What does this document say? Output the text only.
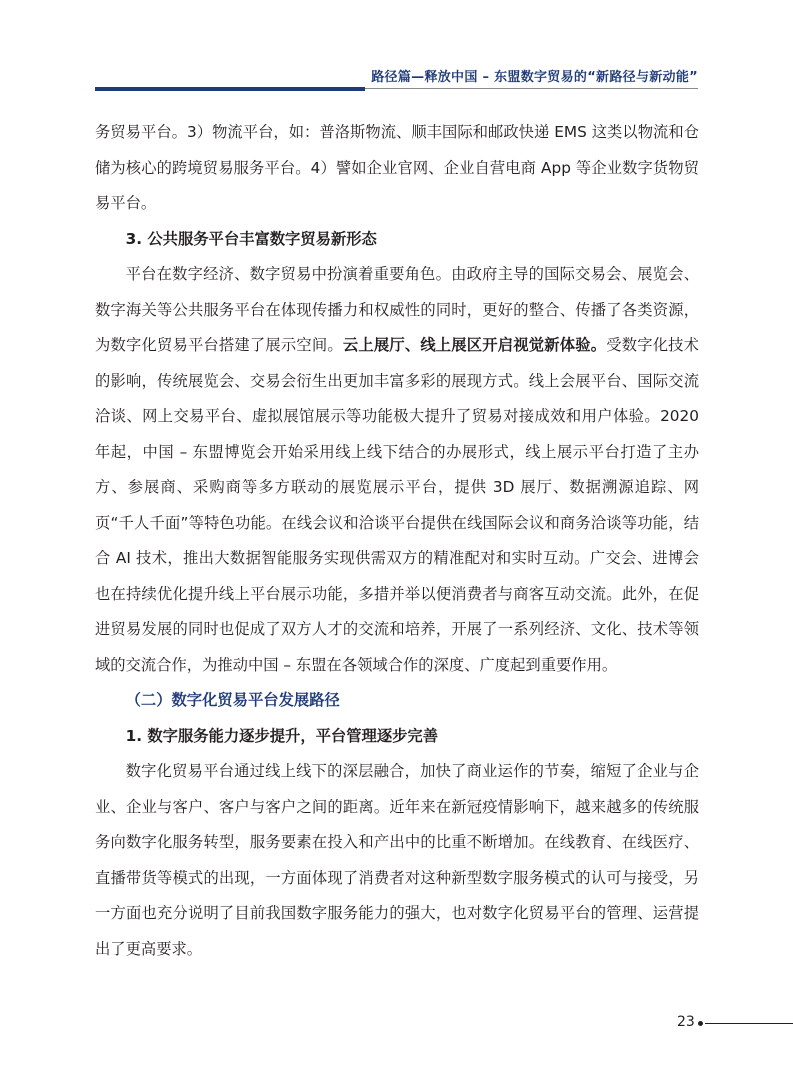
路径篇—释放中国 – 东盟数字贸易的“新路径与新动能”

务贸易平台。3）物流平台，如：普洛斯物流、顺丰国际和邮政快递 EMS 这类以物流和仓储为核心的跨境贸易服务平台。4）譬如企业官网、企业自营电商 App 等企业数字货物贸易平台。

3. 公共服务平台丰富数字贸易新形态

平台在数字经济、数字贸易中扮演着重要角色。由政府主导的国际交易会、展览会、数字海关等公共服务平台在体现传播力和权威性的同时，更好的整合、传播了各类资源，为数字化贸易平台搭建了展示空间。云上展厅、线上展区开启视觉新体验。受数字化技术的影响，传统展览会、交易会衍生出更加丰富多彩的展现方式。线上会展平台、国际交流洽谈、网上交易平台、虚拟展馆展示等功能极大提升了贸易对接成效和用户体验。2020 年起，中国 – 东盟博览会开始采用线上线下结合的办展形式，线上展示平台打造了主办方、参展商、采购商等多方联动的展览展示平台，提供 3D 展厅、数据溯源追踪、网页“千人千面”等特色功能。在线会议和洽谈平台提供在线国际会议和商务洽谈等功能，结合 AI 技术，推出大数据智能服务实现供需双方的精准配对和实时互动。广交会、进博会也在持续优化提升线上平台展示功能，多措并举以便消费者与商客互动交流。此外，在促进贸易发展的同时也促成了双方人才的交流和培养，开展了一系列经济、文化、技术等领域的交流合作，为推动中国 – 东盟在各领域合作的深度、广度起到重要作用。

（二）数字化贸易平台发展路径

1. 数字服务能力逐步提升，平台管理逐步完善

数字化贸易平台通过线上线下的深层融合，加快了商业运作的节奏，缩短了企业与企业、企业与客户、客户与客户之间的距离。近年来在新冠疫情影响下，越来越多的传统服务向数字化服务转型，服务要素在投入和产出中的比重不断增加。在线教育、在线医疗、直播带货等模式的出现，一方面体现了消费者对这种新型数字服务模式的认可与接受，另一方面也充分说明了目前我国数字服务能力的强大，也对数字化贸易平台的管理、运营提出了更高要求。

23
